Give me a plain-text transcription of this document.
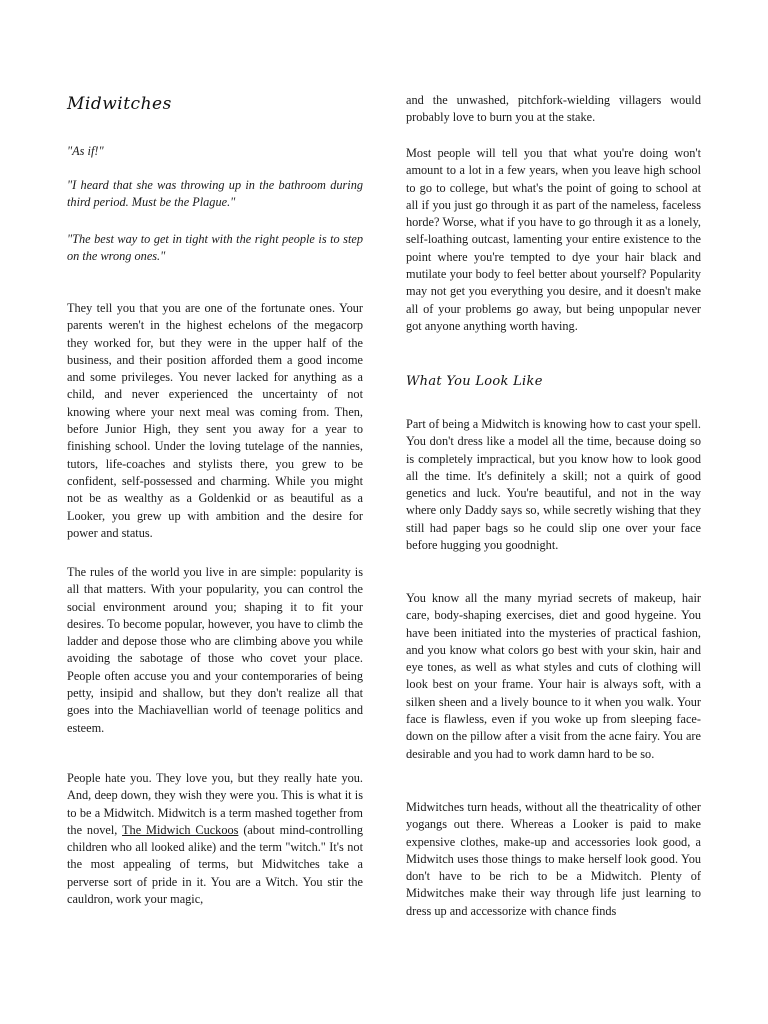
Midwitches

"As if!"

"I heard that she was throwing up in the bathroom during third period. Must be the Plague."

"The best way to get in tight with the right people is to step on the wrong ones."

They tell you that you are one of the fortunate ones. Your parents weren't in the highest echelons of the megacorp they worked for, but they were in the upper half of the business, and their position afforded them a good income and some privileges. You never lacked for anything as a child, and never experienced the uncertainty of not knowing where your next meal was coming from. Then, before Junior High, they sent you away for a year to finishing school. Under the loving tutelage of the nannies, tutors, life-coaches and stylists there, you grew to be confident, self-possessed and charming. While you might not be as wealthy as a Goldenkid or as beautiful as a Looker, you grew up with ambition and the desire for power and status.

The rules of the world you live in are simple: popularity is all that matters. With your popularity, you can control the social environment around you; shaping it to fit your desires. To become popular, however, you have to climb the ladder and depose those who are climbing above you while avoiding the sabotage of those who covet your place. People often accuse you and your contemporaries of being petty, insipid and shallow, but they don't realize all that goes into the Machiavellian world of teenage politics and esteem.

People hate you. They love you, but they really hate you. And, deep down, they wish they were you. This is what it is to be a Midwitch. Midwitch is a term mashed together from the novel, The Midwich Cuckoos (about mind-controlling children who all looked alike) and the term "witch." It's not the most appealing of terms, but Midwitches take a perverse sort of pride in it. You are a Witch. You stir the cauldron, work your magic,

and the unwashed, pitchfork-wielding villagers would probably love to burn you at the stake.

Most people will tell you that what you're doing won't amount to a lot in a few years, when you leave high school to go to college, but what's the point of going to school at all if you just go through it as part of the nameless, faceless horde? Worse, what if you have to go through it as a lonely, self-loathing outcast, lamenting your entire existence to the point where you're tempted to dye your hair black and mutilate your body to feel better about yourself? Popularity may not get you everything you desire, and it doesn't make all of your problems go away, but being unpopular never got anyone anything worth having.

Part of being a Midwitch is knowing how to cast your spell. You don't dress like a model all the time, because doing so is completely impractical, but you know how to look good all the time. It's definitely a skill; not a quirk of good genetics and luck. You're beautiful, and not in the way where only Daddy says so, while secretly wishing that they still had paper bags so he could slip one over your face before hugging you goodnight.

You know all the many myriad secrets of makeup, hair care, body-shaping exercises, diet and good hygeine. You have been initiated into the mysteries of practical fashion, and you know what colors go best with your skin, hair and eye tones, as well as what styles and cuts of clothing will look best on your frame. Your hair is always soft, with a silken sheen and a lively bounce to it when you walk. Your face is flawless, even if you woke up from sleeping face-down on the pillow after a visit from the acne fairy. You are desirable and you had to work damn hard to be so.

Midwitches turn heads, without all the theatricality of other yogangs out there. Whereas a Looker is paid to make expensive clothes, make-up and accessories look good, a Midwitch uses those things to make herself look good. You don't have to be rich to be a Midwitch. Plenty of Midwitches make their way through life just learning to dress up and accessorize with chance finds

What You Look Like
